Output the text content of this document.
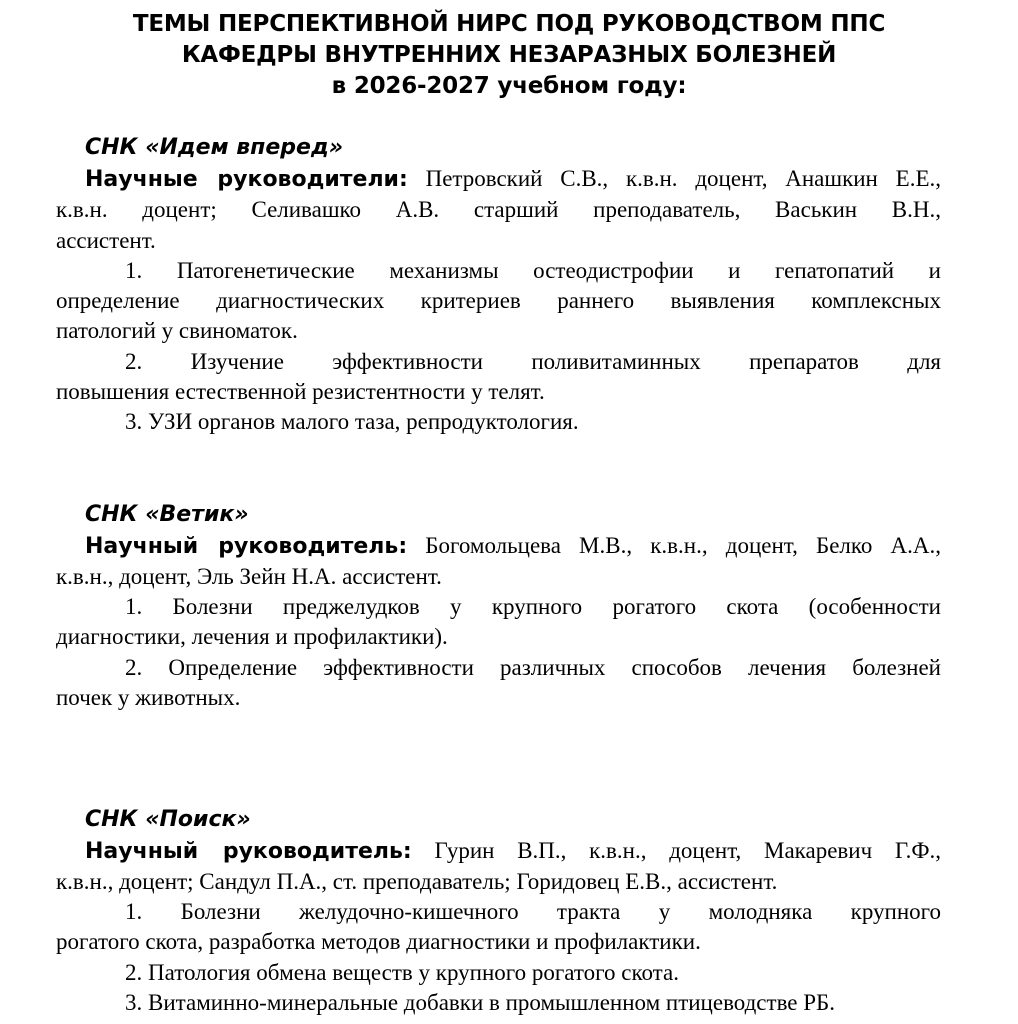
ТЕМЫ ПЕРСПЕКТИВНОЙ НИРС ПОД РУКОВОДСТВОМ ППС
КАФЕДРЫ ВНУТРЕННИХ НЕЗАРАЗНЫХ БОЛЕЗНЕЙ
в 2026-2027 учебном году:
СНК «Идем вперед»
Научные руководители: Петровский С.В., к.в.н. доцент, Анашкин Е.Е.,
к.в.н. доцент; Селивашко А.В. старший преподаватель, Васькин В.Н.,
ассистент.
1. Патогенетические механизмы остеодистрофии и гепатопатий и
определение диагностических критериев раннего выявления комплексных
патологий у свиноматок.
2. Изучение эффективности поливитаминных препаратов для
повышения естественной резистентности у телят.
3. УЗИ органов малого таза, репродуктология.
СНК «Ветик»
Научный руководитель: Богомольцева М.В., к.в.н., доцент, Белко А.А.,
к.в.н., доцент, Эль Зейн Н.А. ассистент.
1. Болезни преджелудков у крупного рогатого скота (особенности
диагностики, лечения и профилактики).
2. Определение эффективности различных способов лечения болезней
почек у животных.
СНК «Поиск»
Научный руководитель: Гурин В.П., к.в.н., доцент, Макаревич Г.Ф.,
к.в.н., доцент; Сандул П.А., ст. преподаватель; Горидовец Е.В., ассистент.
1. Болезни желудочно-кишечного тракта у молодняка крупного
рогатого скота, разработка методов диагностики и профилактики.
2. Патология обмена веществ у крупного рогатого скота.
3. Витаминно-минеральные добавки в промышленном птицеводстве РБ.
